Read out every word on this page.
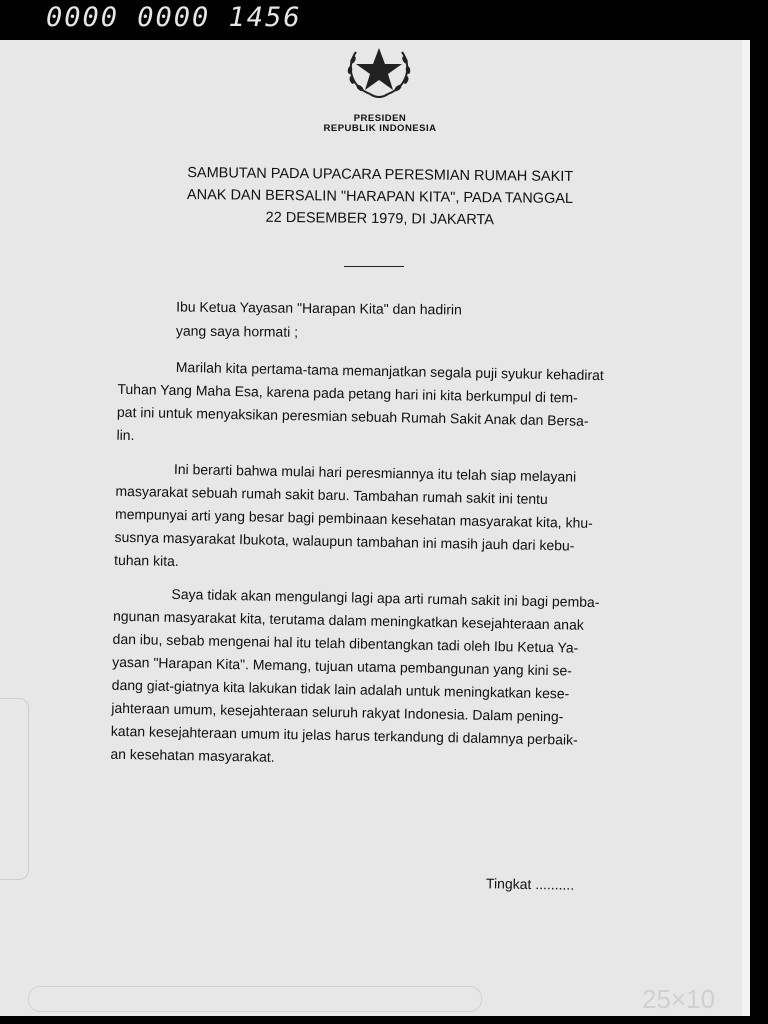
0000 0000 1456
25×10
PRESIDEN
REPUBLIK INDONESIA
SAMBUTAN PADA UPACARA PERESMIAN RUMAH SAKIT
ANAK DAN BERSALIN "HARAPAN KITA", PADA TANGGAL
22 DESEMBER 1979, DI JAKARTA
Ibu Ketua Yayasan "Harapan Kita" dan hadirin
yang saya hormati ;
Marilah kita pertama-tama memanjatkan segala puji syukur kehadirat
Tuhan Yang Maha Esa, karena pada petang hari ini kita berkumpul di tem-
pat ini untuk menyaksikan peresmian sebuah Rumah Sakit Anak dan Bersa-
lin.
Ini berarti bahwa mulai hari peresmiannya itu telah siap melayani
masyarakat sebuah rumah sakit baru. Tambahan rumah sakit ini tentu
mempunyai arti yang besar bagi pembinaan kesehatan masyarakat kita, khu-
susnya masyarakat Ibukota, walaupun tambahan ini masih jauh dari kebu-
tuhan kita.
Saya tidak akan mengulangi lagi apa arti rumah sakit ini bagi pemba-
ngunan masyarakat kita, terutama dalam meningkatkan kesejahteraan anak
dan ibu, sebab mengenai hal itu telah dibentangkan tadi oleh Ibu Ketua Ya-
yasan "Harapan Kita". Memang, tujuan utama pembangunan yang kini se-
dang giat-giatnya kita lakukan tidak lain adalah untuk meningkatkan kese-
jahteraan umum, kesejahteraan seluruh rakyat Indonesia. Dalam pening-
katan kesejahteraan umum itu jelas harus terkandung di dalamnya perbaik-
an kesehatan masyarakat.
Tingkat ..........
